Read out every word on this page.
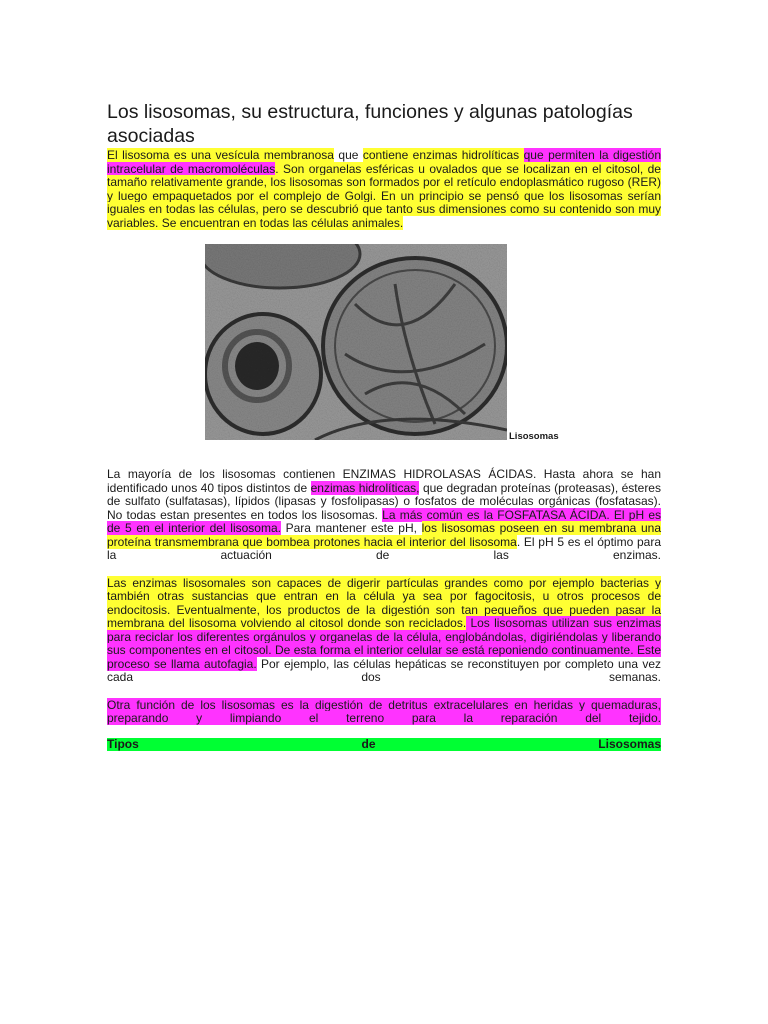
Los lisosomas, su estructura, funciones y algunas patologías asociadas

El lisosoma es una vesícula membranosa que contiene enzimas hidrolíticas que permiten la digestión intracelular de macromoléculas. Son organelas esféricas u ovalados que se localizan en el citosol, de tamaño relativamente grande, los lisosomas son formados por el retículo endoplasmático rugoso (RER) y luego empaquetados por el complejo de Golgi. En un principio se pensó que los lisosomas serían iguales en todas las células, pero se descubrió que tanto sus dimensiones como su contenido son muy variables. Se encuentran en todas las células animales.

Lisosomas

La mayoría de los lisosomas contienen ENZIMAS HIDROLASAS ÁCIDAS. Hasta ahora se han identificado unos 40 tipos distintos de enzimas hidrolíticas, que degradan proteínas (proteasas), ésteres de sulfato (sulfatasas), lípidos (lipasas y fosfolipasas) o fosfatos de moléculas orgánicas (fosfatasas). No todas estan presentes en todos los lisosomas. La más común es la FOSFATASA ÁCIDA. El pH es de 5 en el interior del lisosoma. Para mantener este pH, los lisosomas poseen en su membrana una proteína transmembrana que bombea protones hacia el interior del lisosoma. El pH 5 es el óptimo para la actuación de las enzimas.

Las enzimas lisosomales son capaces de digerir partículas grandes como por ejemplo bacterias y también otras sustancias que entran en la célula ya sea por fagocitosis, u otros procesos de endocitosis. Eventualmente, los productos de la digestión son tan pequeños que pueden pasar la membrana del lisosoma volviendo al citosol donde son reciclados. Los lisosomas utilizan sus enzimas para reciclar los diferentes orgánulos y organelas de la célula, englobándolas, digiriéndolas y liberando sus componentes en el citosol. De esta forma el interior celular se está reponiendo continuamente. Este proceso se llama autofagia. Por ejemplo, las células hepáticas se reconstituyen por completo una vez cada dos semanas.

Otra función de los lisosomas es la digestión de detritus extracelulares en heridas y quemaduras, preparando y limpiando el terreno para la reparación del tejido.

Tipos	de	Lisosomas
